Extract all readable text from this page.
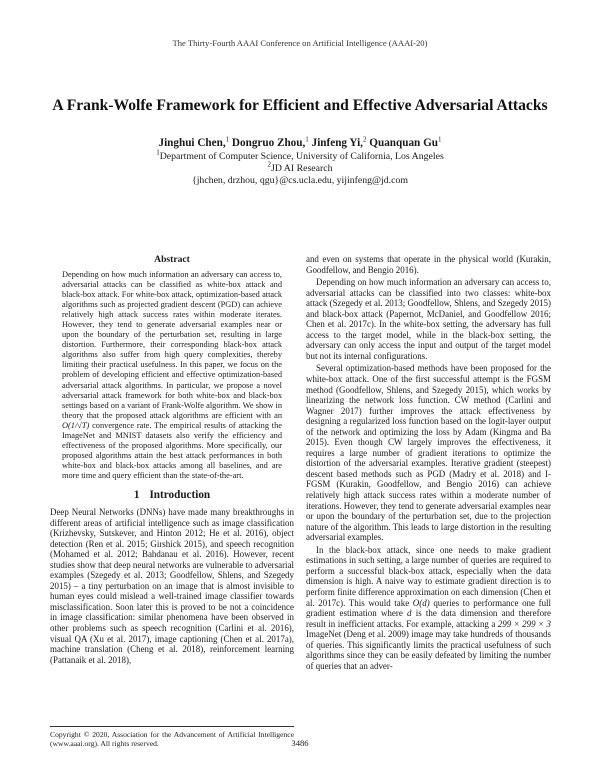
The Thirty-Fourth AAAI Conference on Artificial Intelligence (AAAI-20)
A Frank-Wolfe Framework for Efficient and Effective Adversarial Attacks
Jinghui Chen,$^1$ Dongruo Zhou,$^1$ Jinfeng Yi,$^2$ Quanquan Gu$^1$
$^1$Department of Computer Science, University of California, Los Angeles
$^2$JD AI Research
{jhchen, drzhou, qgu}@cs.ucla.edu, yijinfeng@jd.com
Abstract

Depending on how much information an adversary can access to, adversarial attacks can be classified as white-box attack and black-box attack. For white-box attack, optimization-based attack algorithms such as projected gradient descent (PGD) can achieve relatively high attack success rates within moderate iterates. However, they tend to generate adversarial examples near or upon the boundary of the perturbation set, resulting in large distortion. Furthermore, their corresponding black-box attack algorithms also suffer from high query complexities, thereby limiting their practical usefulness. In this paper, we focus on the problem of developing efficient and effective optimization-based adversarial attack algorithms. In particular, we propose a novel adversarial attack framework for both white-box and black-box settings based on a variant of Frank-Wolfe algorithm. We show in theory that the proposed attack algorithms are efficient with an O(1/√T) convergence rate. The empirical results of attacking the ImageNet and MNIST datasets also verify the efficiency and effectiveness of the proposed algorithms. More specifically, our proposed algorithms attain the best attack performances in both white-box and black-box attacks among all baselines, and are more time and query efficient than the state-of-the-art.

1 Introduction

Deep Neural Networks (DNNs) have made many breakthroughs in different areas of artificial intelligence such as image classification (Krizhevsky, Sutskever, and Hinton 2012; He et al. 2016), object detection (Ren et al. 2015; Girshick 2015), and speech recognition (Mohamed et al. 2012; Bahdanau et al. 2016). However, recent studies show that deep neural networks are vulnerable to adversarial examples (Szegedy et al. 2013; Goodfellow, Shlens, and Szegedy 2015) – a tiny perturbation on an image that is almost invisible to human eyes could mislead a well-trained image classifier towards misclassification. Soon later this is proved to be not a coincidence in image classification: similar phenomena have been observed in other problems such as speech recognition (Carlini et al. 2016), visual QA (Xu et al. 2017), image captioning (Chen et al. 2017a), machine translation (Cheng et al. 2018), reinforcement learning (Pattanaik et al. 2018),

Copyright © 2020, Association for the Advancement of Artificial Intelligence (www.aaai.org). All rights reserved.

and even on systems that operate in the physical world (Kurakin, Goodfellow, and Bengio 2016).

Depending on how much information an adversary can access to, adversarial attacks can be classified into two classes: white-box attack (Szegedy et al. 2013; Goodfellow, Shlens, and Szegedy 2015) and black-box attack (Papernot, McDaniel, and Goodfellow 2016; Chen et al. 2017c). In the white-box setting, the adversary has full access to the target model, while in the black-box setting, the adversary can only access the input and output of the target model but not its internal configurations.

Several optimization-based methods have been proposed for the white-box attack. One of the first successful attempt is the FGSM method (Goodfellow, Shlens, and Szegedy 2015), which works by linearizing the network loss function. CW method (Carlini and Wagner 2017) further improves the attack effectiveness by designing a regularized loss function based on the logit-layer output of the network and optimizing the loss by Adam (Kingma and Ba 2015). Even though CW largely improves the effectiveness, it requires a large number of gradient iterations to optimize the distortion of the adversarial examples. Iterative gradient (steepest) descent based methods such as PGD (Madry et al. 2018) and I-FGSM (Kurakin, Goodfellow, and Bengio 2016) can achieve relatively high attack success rates within a moderate number of iterations. However, they tend to generate adversarial examples near or upon the boundary of the perturbation set, due to the projection nature of the algorithm. This leads to large distortion in the resulting adversarial examples.

In the black-box attack, since one needs to make gradient estimations in such setting, a large number of queries are required to perform a successful black-box attack, especially when the data dimension is high. A naive way to estimate gradient direction is to perform finite difference approximation on each dimension (Chen et al. 2017c). This would take O(d) queries to performance one full gradient estimation where d is the data dimension and therefore result in inefficient attacks. For example, attacking a 299 × 299 × 3 ImageNet (Deng et al. 2009) image may take hundreds of thousands of queries. This significantly limits the practical usefulness of such algorithms since they can be easily defeated by limiting the number of queries that an adver-

3486
